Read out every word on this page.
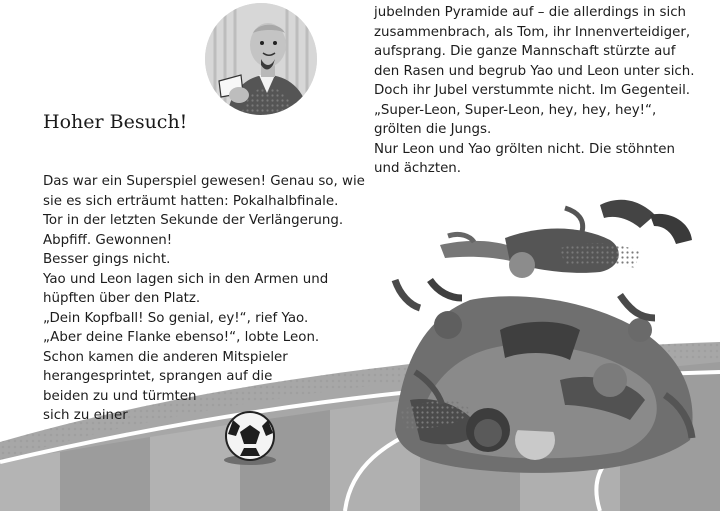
Hoher Besuch!
Das war ein Superspiel gewesen! Genau so, wie
sie es sich erträumt hatten: Pokalhalbfinale.
Tor in der letzten Sekunde der Verlängerung.
Abpfiff. Gewonnen!
Besser gings nicht.
Yao und Leon lagen sich in den Armen und
hüpften über den Platz.
„Dein Kopfball! So genial, ey!“, rief Yao.
„Aber deine Flanke ebenso!“, lobte Leon.
Schon kamen die anderen Mitspieler
herangesprintet, sprangen auf die
beiden zu und türmten
sich zu einer
jubelnden Pyramide auf – die allerdings in sich
zusammenbrach, als Tom, ihr Innenverteidiger,
aufsprang. Die ganze Mannschaft stürzte auf
den Rasen und begrub Yao und Leon unter sich.
Doch ihr Jubel verstummte nicht. Im Gegenteil.
„Super-Leon, Super-Leon, hey, hey, hey!“,
grölten die Jungs.
Nur Leon und Yao grölten nicht. Die stöhnten
und ächzten.
